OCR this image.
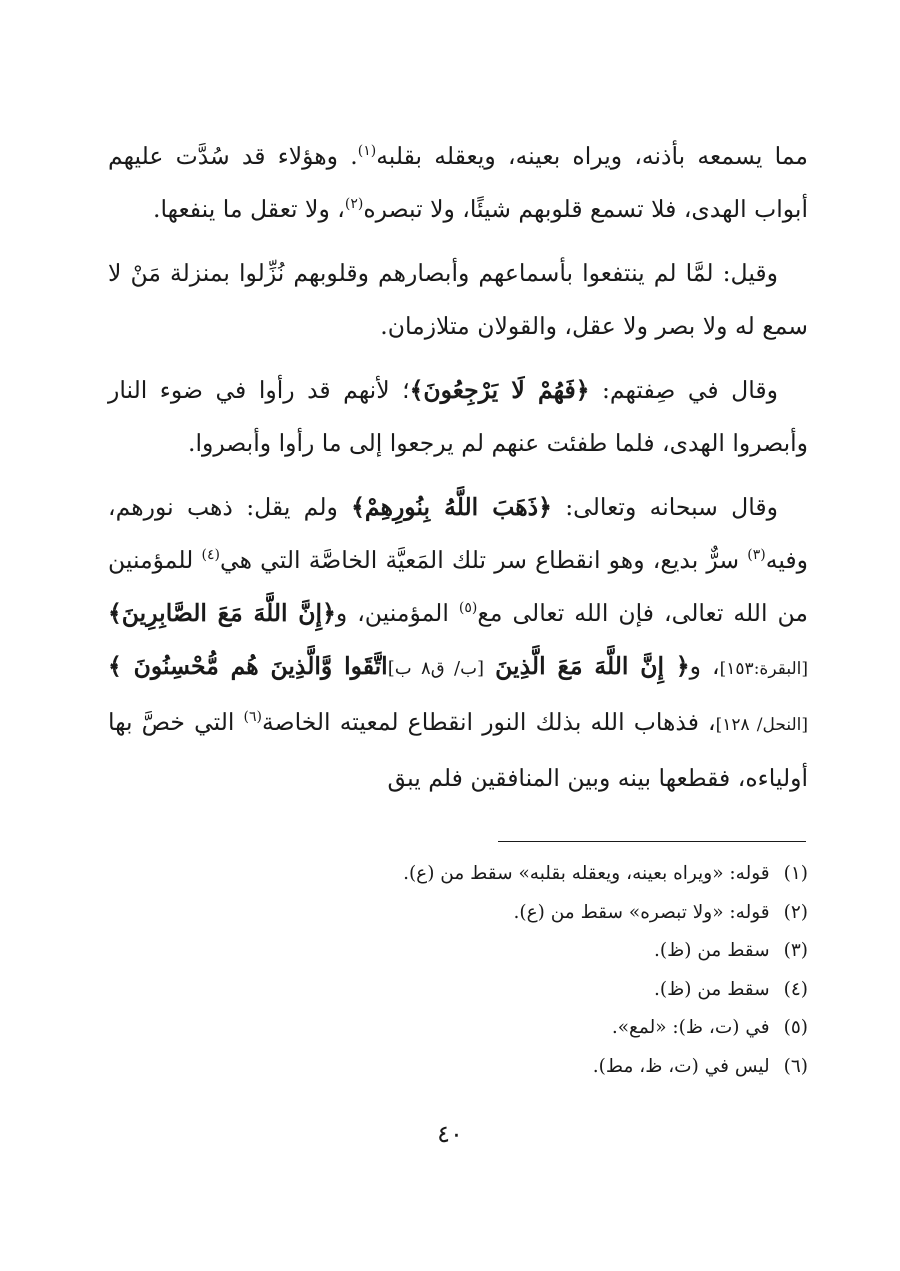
مما يسمعه بأذنه، ويراه بعينه، ويعقله بقلبه$^{(١)}$. وهؤلاء قد سُدَّت عليهم أبواب الهدى، فلا تسمع قلوبهم شيئًا، ولا تبصره$^{(٢)}$، ولا تعقل ما ينفعها.

وقيل: لمَّا لم ينتفعوا بأسماعهم وأبصارهم وقلوبهم نُزِّلوا بمنزلة مَنْ لا سمع له ولا بصر ولا عقل، والقولان متلازمان.

وقال في صِفتهم: ﴿فَهُمْ لَا يَرْجِعُونَ﴾؛ لأنهم قد رأوا في ضوء النار وأبصروا الهدى، فلما طفئت عنهم لم يرجعوا إلى ما رأوا وأبصروا.

وقال سبحانه وتعالى: ﴿ذَهَبَ اللَّهُ بِنُورِهِمْ﴾ ولم يقل: ذهب نورهم، وفيه$^{(٣)}$ سرٌّ بديع، وهو انقطاع سر تلك المَعيَّة الخاصَّة التي هي$^{(٤)}$ للمؤمنين من الله تعالى، فإن الله تعالى مع$^{(٥)}$ المؤمنين، و﴿إِنَّ اللَّهَ مَعَ الصَّابِرِينَ﴾[البقرة:١٥٣]، و﴿ إِنَّ اللَّهَ مَعَ الَّذِينَ [ب/ ق٨ ب]اتَّقَوا وَّالَّذِينَ هُم مُّحْسِنُونَ ﴾ [النحل/ ١٢٨]، فذهاب الله بذلك النور انقطاع لمعيته الخاصة$^{(٦)}$ التي خصَّ بها أولياءه، فقطعها بينه وبين المنافقين فلم يبق

(١)قوله: «ويراه بعينه، ويعقله بقلبه» سقط من (ع).
(٢)قوله: «ولا تبصره» سقط من (ع).
(٣)سقط من (ظ).
(٤)سقط من (ظ).
(٥)في (ت، ظ): «لمع».
(٦)ليس في (ت، ظ، مط).
٤٠
